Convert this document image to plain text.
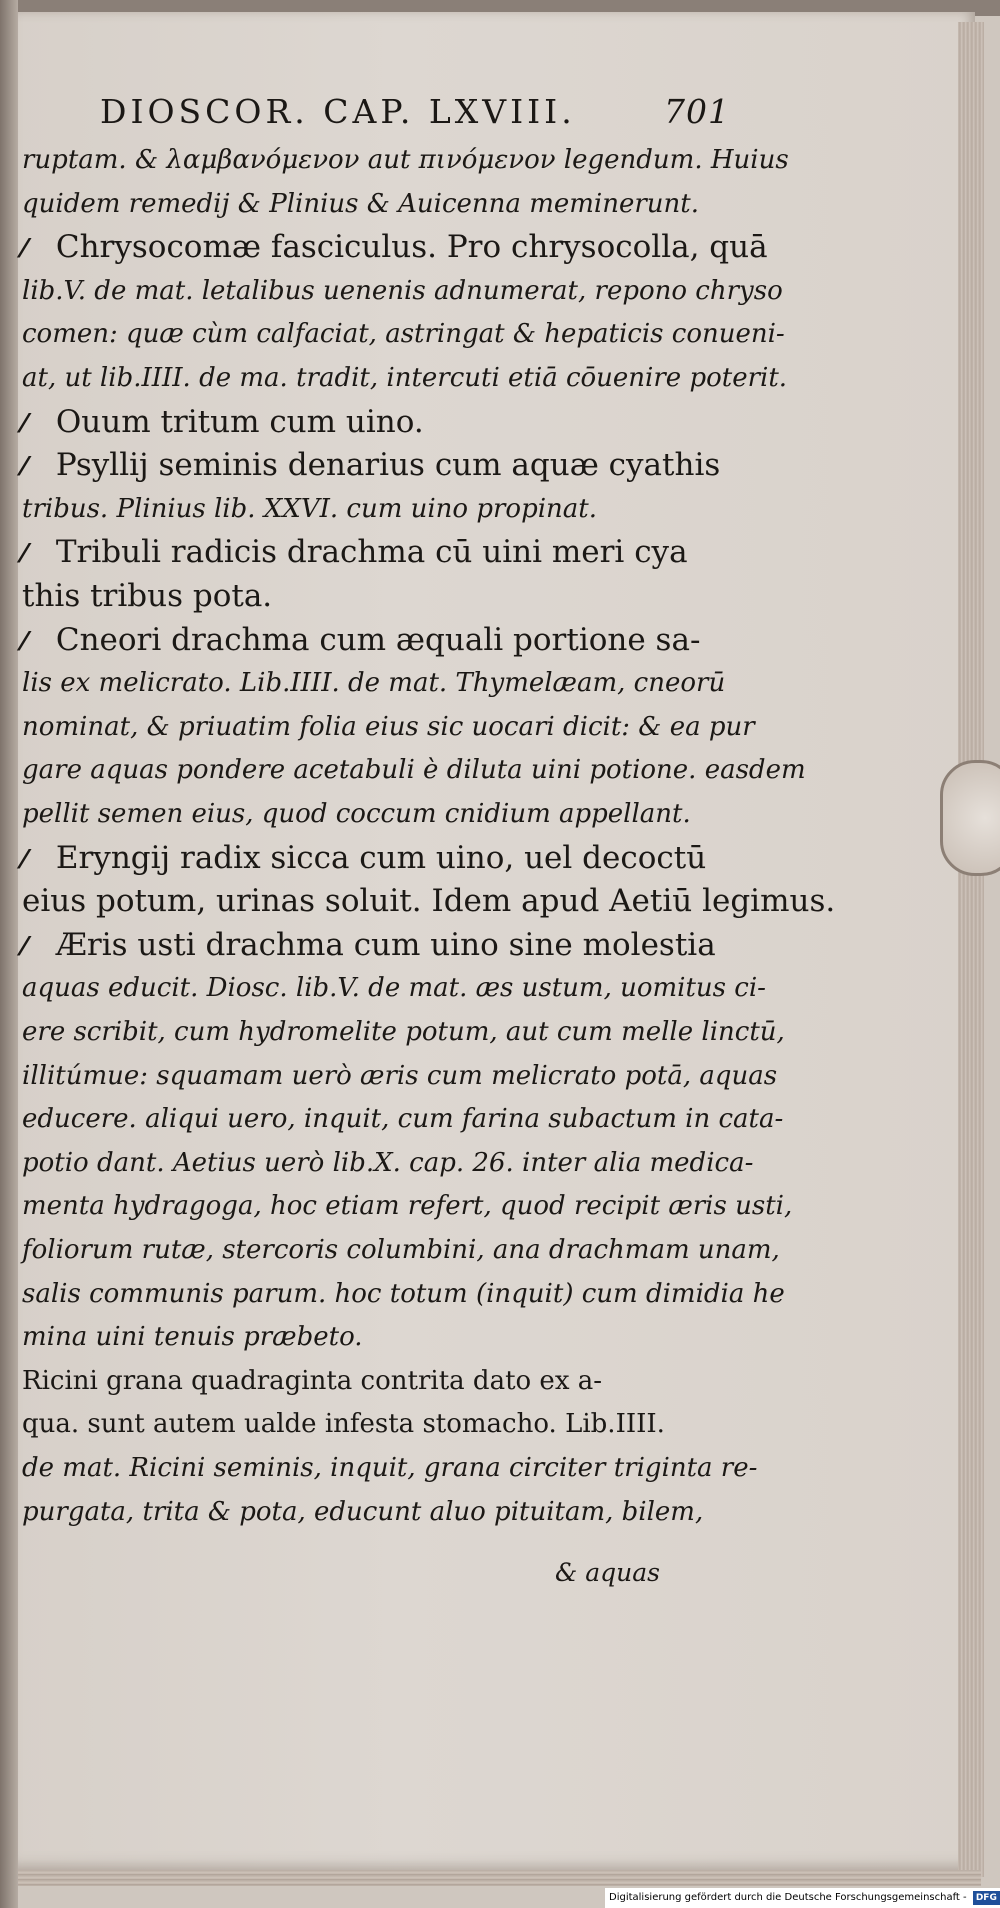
DIOSCOR. CAP. LXVIII.	701
ruptam. & λαμβανόμενον aut πινόμενον legendum. Huius
quidem remedij & Plinius & Auicenna meminerunt.
⁄ Chrysocomæ fasciculus. Pro chrysocolla, quā
lib.V. de mat. letalibus uenenis adnumerat, repono chryso
comen: quæ cùm calfaciat, astringat & hepaticis conueni-
at, ut lib.IIII. de ma. tradit, intercuti etiā cōuenire poterit.
⁄ Ouum tritum cum uino.
⁄ Psyllij seminis denarius cum aquæ cyathis
tribus. Plinius lib. XXVI. cum uino propinat.
⁄ Tribuli radicis drachma cū uini meri cya
this tribus pota.
⁄ Cneori drachma cum æquali portione sa-
lis ex melicrato. Lib.IIII. de mat. Thymelæam, cneorū
nominat, & priuatim folia eius sic uocari dicit: & ea pur
gare aquas pondere acetabuli è diluta uini potione. easdem
pellit semen eius, quod coccum cnidium appellant.
⁄ Eryngij radix sicca cum uino, uel decoctū
eius potum, urinas soluit. Idem apud Aetiū legimus.
⁄ Æris usti drachma cum uino sine molestia
aquas educit. Diosc. lib.V. de mat. æs ustum, uomitus ci-
ere scribit, cum hydromelite potum, aut cum melle linctū,
illitúmue: squamam uerò æris cum melicrato potā, aquas
educere. aliqui uero, inquit, cum farina subactum in cata-
potio dant. Aetius uerò lib.X. cap. 26. inter alia medica-
menta hydragoga, hoc etiam refert, quod recipit æris usti,
foliorum rutæ, stercoris columbini, ana drachmam unam,
salis communis parum. hoc totum (inquit) cum dimidia he
mina uini tenuis præbeto.
Ricini grana quadraginta contrita dato ex a-
qua. sunt autem ualde infesta stomacho. Lib.IIII.
de mat. Ricini seminis, inquit, grana circiter triginta re-
purgata, trita & pota, educunt aluo pituitam, bilem,
& aquas
Digitalisierung gefördert durch die Deutsche Forschungsgemeinschaft - DFG
